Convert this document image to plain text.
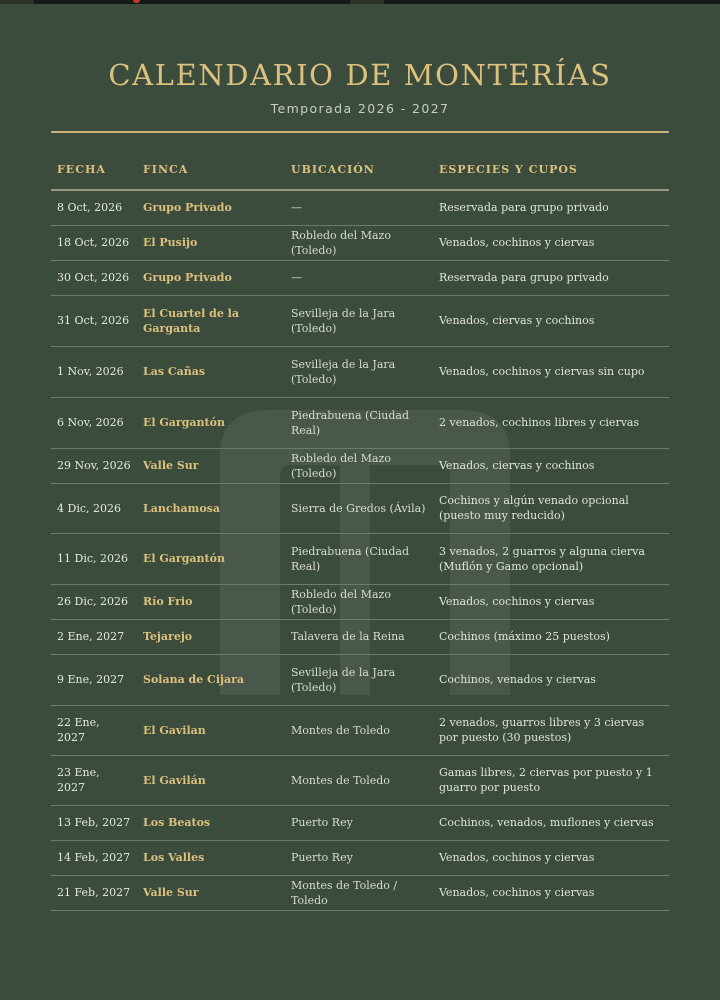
CALENDARIO DE MONTERÍAS
Temporada 2026 - 2027
FECHA	FINCA	UBICACIÓN	ESPECIES Y CUPOS
8 Oct, 2026	Grupo Privado	—	Reservada para grupo privado
18 Oct, 2026	El Pusijo	Robledo del Mazo (Toledo)	Venados, cochinos y ciervas
30 Oct, 2026	Grupo Privado	—	Reservada para grupo privado
31 Oct, 2026	El Cuartel de la Garganta	Sevilleja de la Jara (Toledo)	Venados, ciervas y cochinos
1 Nov, 2026	Las Cañas	Sevilleja de la Jara (Toledo)	Venados, cochinos y ciervas sin cupo
6 Nov, 2026	El Gargantón	Piedrabuena (Ciudad Real)	2 venados, cochinos libres y ciervas
29 Nov, 2026	Valle Sur	Robledo del Mazo (Toledo)	Venados, ciervas y cochinos
4 Dic, 2026	Lanchamosa	Sierra de Gredos (Ávila)	Cochinos y algún venado opcional (puesto muy reducido)
11 Dic, 2026	El Gargantón	Piedrabuena (Ciudad Real)	3 venados, 2 guarros y alguna cierva (Muflón y Gamo opcional)
26 Dic, 2026	Río Frio	Robledo del Mazo (Toledo)	Venados, cochinos y ciervas
2 Ene, 2027	Tejarejo	Talavera de la Reina	Cochinos (máximo 25 puestos)
9 Ene, 2027	Solana de Cijara	Sevilleja de la Jara (Toledo)	Cochinos, venados y ciervas
22 Ene, 2027	El Gavilan	Montes de Toledo	2 venados, guarros libres y 3 ciervas por puesto (30 puestos)
23 Ene, 2027	El Gavilán	Montes de Toledo	Gamas libres, 2 ciervas por puesto y 1 guarro por puesto
13 Feb, 2027	Los Beatos	Puerto Rey	Cochinos, venados, muflones y ciervas
14 Feb, 2027	Los Valles	Puerto Rey	Venados, cochinos y ciervas
21 Feb, 2027	Valle Sur	Montes de Toledo / Toledo	Venados, cochinos y ciervas
